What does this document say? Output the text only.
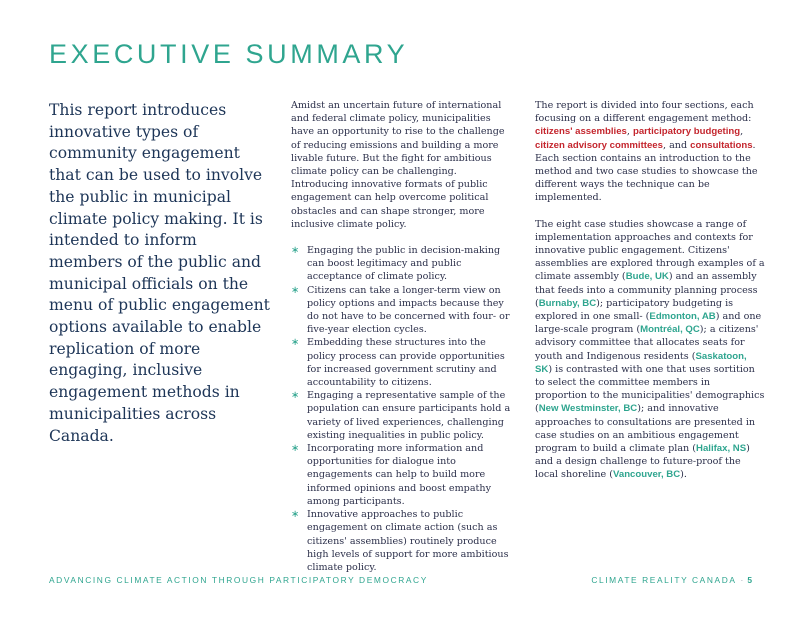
EXECUTIVE SUMMARY

This report introduces innovative types of community engagement that can be used to involve the public in municipal climate policy making. It is intended to inform members of the public and municipal officials on the menu of public engagement options available to enable replication of more engaging, inclusive engagement methods in municipalities across Canada.

Amidst an uncertain future of international and federal climate policy, municipalities have an opportunity to rise to the challenge of reducing emissions and building a more livable future. But the fight for ambitious climate policy can be challenging. Introducing innovative formats of public engagement can help overcome political obstacles and can shape stronger, more inclusive climate policy.

∗ Engaging the public in decision-making can boost legitimacy and public acceptance of climate policy.
∗ Citizens can take a longer-term view on policy options and impacts because they do not have to be concerned with four- or five-year election cycles.
∗ Embedding these structures into the policy process can provide opportunities for increased government scrutiny and accountability to citizens.
∗ Engaging a representative sample of the population can ensure participants hold a variety of lived experiences, challenging existing inequalities in public policy.
∗ Incorporating more information and opportunities for dialogue into engagements can help to build more informed opinions and boost empathy among participants.
∗ Innovative approaches to public engagement on climate action (such as citizens' assemblies) routinely produce high levels of support for more ambitious climate policy.

The report is divided into four sections, each focusing on a different engagement method: citizens' assemblies, participatory budgeting, citizen advisory committees, and consultations. Each section contains an introduction to the method and two case studies to showcase the different ways the technique can be implemented.

The eight case studies showcase a range of implementation approaches and contexts for innovative public engagement. Citizens' assemblies are explored through examples of a climate assembly (Bude, UK) and an assembly that feeds into a community planning process (Burnaby, BC); participatory budgeting is explored in one small- (Edmonton, AB) and one large-scale program (Montréal, QC); a citizens' advisory committee that allocates seats for youth and Indigenous residents (Saskatoon, SK) is contrasted with one that uses sortition to select the committee members in proportion to the municipalities' demographics (New Westminster, BC); and innovative approaches to consultations are presented in case studies on an ambitious engagement program to build a climate plan (Halifax, NS) and a design challenge to future-proof the local shoreline (Vancouver, BC).

ADVANCING CLIMATE ACTION THROUGH PARTICIPATORY DEMOCRACY	CLIMATE REALITY CANADA · 5
